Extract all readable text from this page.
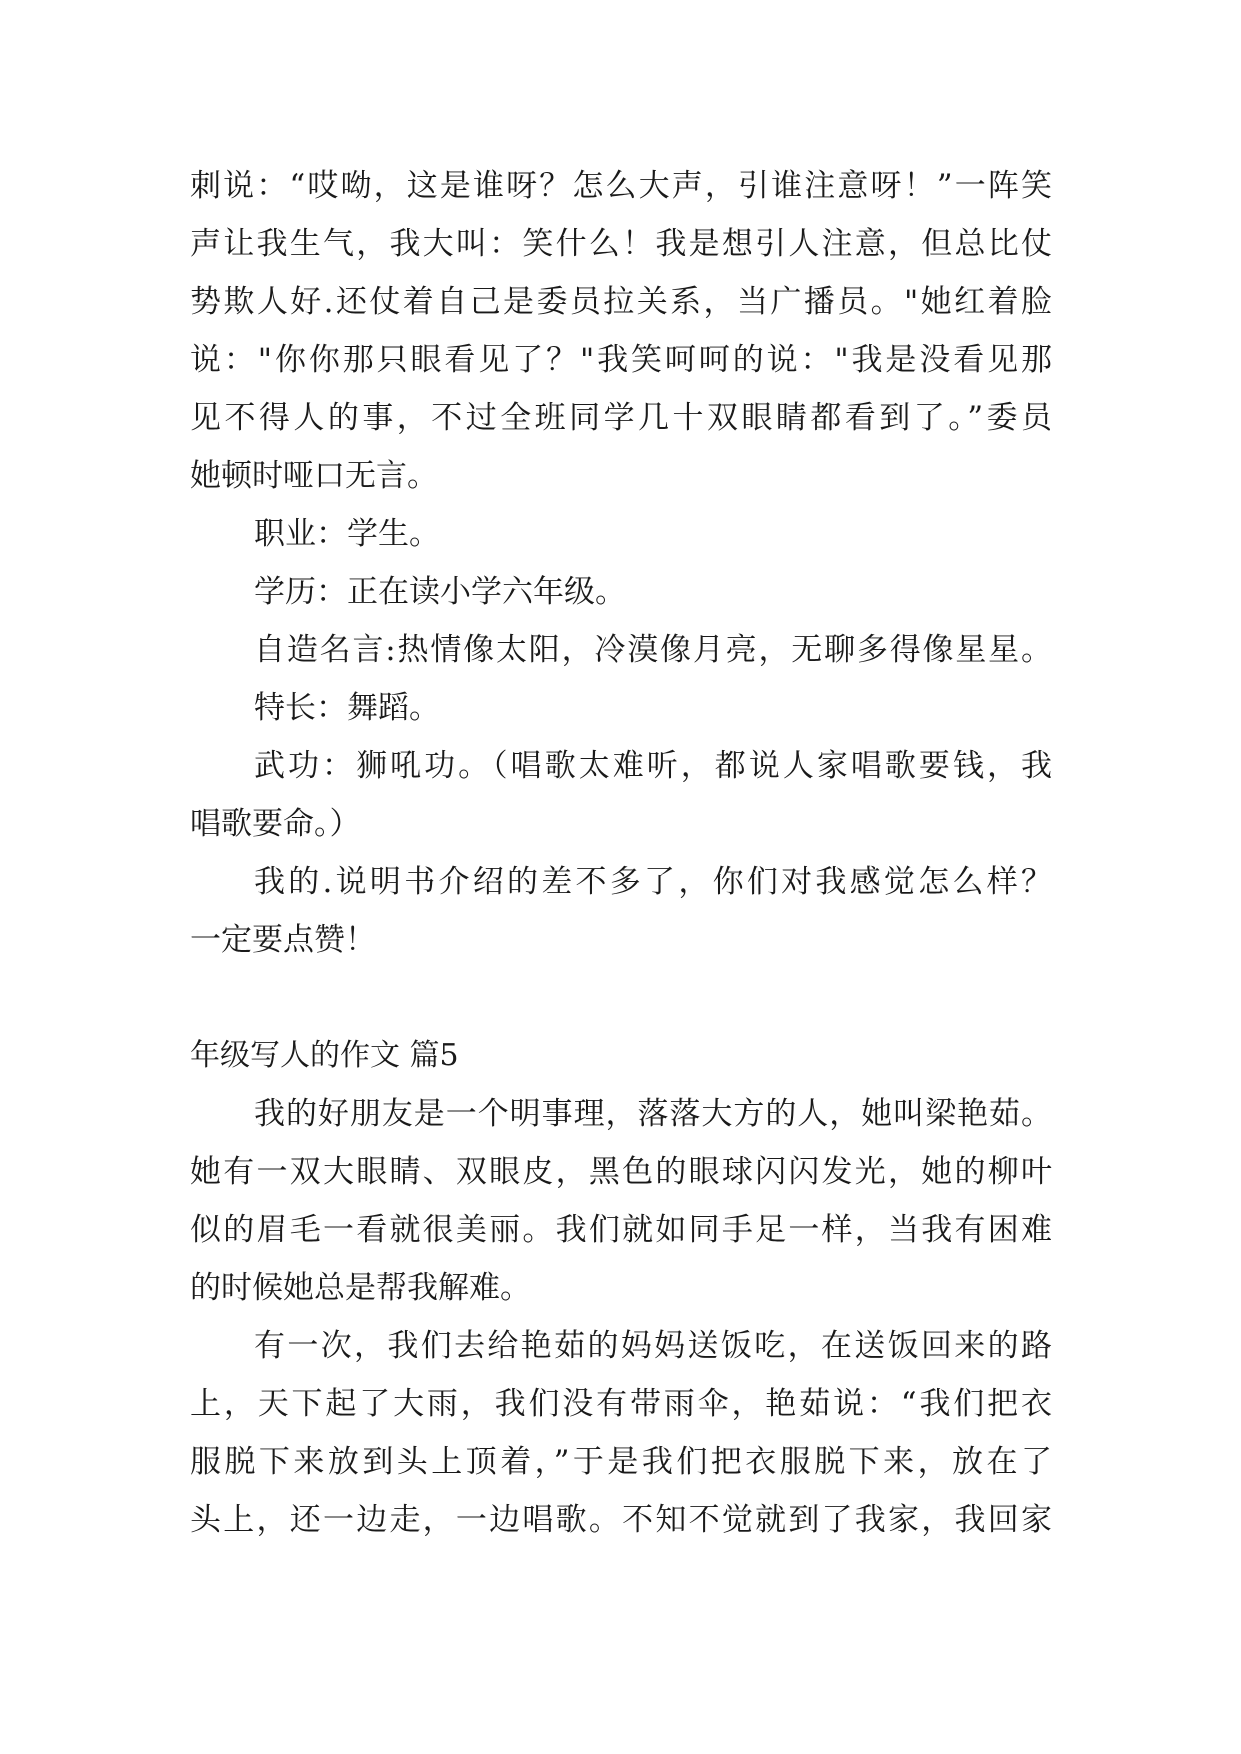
刺说：“哎呦，这是谁呀？怎么大声，引谁注意呀！”一阵笑
声让我生气，我大叫：笑什么！我是想引人注意，但总比仗
势欺人好.还仗着自己是委员拉关系，当广播员。"她红着脸
说："你你那只眼看见了？"我笑呵呵的说："我是没看见那
见不得人的事，不过全班同学几十双眼睛都看到了。”委员
她顿时哑口无言。
职业：学生。
学历：正在读小学六年级。
自造名言:热情像太阳，冷漠像月亮，无聊多得像星星。
特长：舞蹈。
武功：狮吼功。（唱歌太难听，都说人家唱歌要钱，我
唱歌要命。）
我的.说明书介绍的差不多了，你们对我感觉怎么样？
一定要点赞！
年级写人的作文 篇5
我的好朋友是一个明事理，落落大方的人，她叫梁艳茹。
她有一双大眼睛、双眼皮，黑色的眼球闪闪发光，她的柳叶
似的眉毛一看就很美丽。我们就如同手足一样，当我有困难
的时候她总是帮我解难。
有一次，我们去给艳茹的妈妈送饭吃，在送饭回来的路
上，天下起了大雨，我们没有带雨伞，艳茹说：“我们把衣
服脱下来放到头上顶着，”于是我们把衣服脱下来，放在了
头上，还一边走，一边唱歌。不知不觉就到了我家，我回家
